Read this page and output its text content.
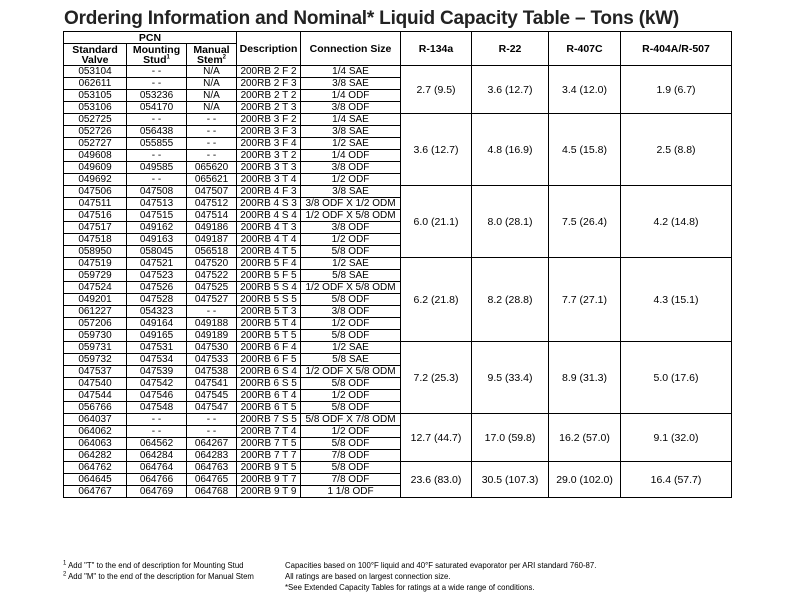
Ordering Information and Nominal* Liquid Capacity Table – Tons (kW)
PCN			Description	Connection Size	R-134a	R-22	R-407C	R-404A/R-507
Standard Valve	Mounting Stud$^1$	Manual Stem$^2$
053104	- -	N/A	200RB 2 F 2	1/4 SAE	2.7 (9.5)	3.6 (12.7)	3.4 (12.0)	1.9 (6.7)
062611	- -	N/A	200RB 2 F 3	3/8 SAE				
053105	053236	N/A	200RB 2 T 2	1/4 ODF				
053106	054170	N/A	200RB 2 T 3	3/8 ODF				
052725	- -	- -	200RB 3 F 2	1/4 SAE	3.6 (12.7)	4.8 (16.9)	4.5 (15.8)	2.5 (8.8)
052726	056438	- -	200RB 3 F 3	3/8 SAE				
052727	055855	- -	200RB 3 F 4	1/2 SAE				
049608	- -	- -	200RB 3 T 2	1/4 ODF				
049609	049585	065620	200RB 3 T 3	3/8 ODF				
049692	- -	065621	200RB 3 T 4	1/2 ODF				
047506	047508	047507	200RB 4 F 3	3/8 SAE	6.0 (21.1)	8.0 (28.1)	7.5 (26.4)	4.2 (14.8)
047511	047513	047512	200RB 4 S 3	3/8 ODF X 1/2 ODM				
047516	047515	047514	200RB 4 S 4	1/2 ODF X 5/8 ODM				
047517	049162	049186	200RB 4 T 3	3/8 ODF				
047518	049163	049187	200RB 4 T 4	1/2 ODF				
058950	058045	056518	200RB 4 T 5	5/8 ODF				
047519	047521	047520	200RB 5 F 4	1/2 SAE	6.2 (21.8)	8.2 (28.8)	7.7 (27.1)	4.3 (15.1)
059729	047523	047522	200RB 5 F 5	5/8 SAE				
047524	047526	047525	200RB 5 S 4	1/2 ODF X 5/8 ODM				
049201	047528	047527	200RB 5 S 5	5/8 ODF				
061227	054323	- -	200RB 5 T 3	3/8 ODF				
057206	049164	049188	200RB 5 T 4	1/2 ODF				
059730	049165	049189	200RB 5 T 5	5/8 ODF				
059731	047531	047530	200RB 6 F 4	1/2 SAE	7.2 (25.3)	9.5 (33.4)	8.9 (31.3)	5.0 (17.6)
059732	047534	047533	200RB 6 F 5	5/8 SAE				
047537	047539	047538	200RB 6 S 4	1/2 ODF X 5/8 ODM				
047540	047542	047541	200RB 6 S 5	5/8 ODF				
047544	047546	047545	200RB 6 T 4	1/2 ODF				
056766	047548	047547	200RB 6 T 5	5/8 ODF				
064037	- -	- -	200RB 7 S 5	5/8 ODF X 7/8 ODM	12.7 (44.7)	17.0 (59.8)	16.2 (57.0)	9.1 (32.0)
064062	- -	- -	200RB 7 T 4	1/2 ODF				
064063	064562	064267	200RB 7 T 5	5/8 ODF				
064282	064284	064283	200RB 7 T 7	7/8 ODF				
064762	064764	064763	200RB 9 T 5	5/8 ODF	23.6 (83.0)	30.5 (107.3)	29.0 (102.0)	16.4 (57.7)
064645	064766	064765	200RB 9 T 7	7/8 ODF				
064767	064769	064768	200RB 9 T 9	1 1/8 ODF				
$^1$ Add "T" to the end of description for Mounting Stud
$^2$ Add "M" to the end of the description for Manual Stem
Capacities based on 100°F liquid and 40°F saturated evaporator per ARI standard 760-87.
All ratings are based on largest connection size.
*See Extended Capacity Tables for ratings at a wide range of conditions.
